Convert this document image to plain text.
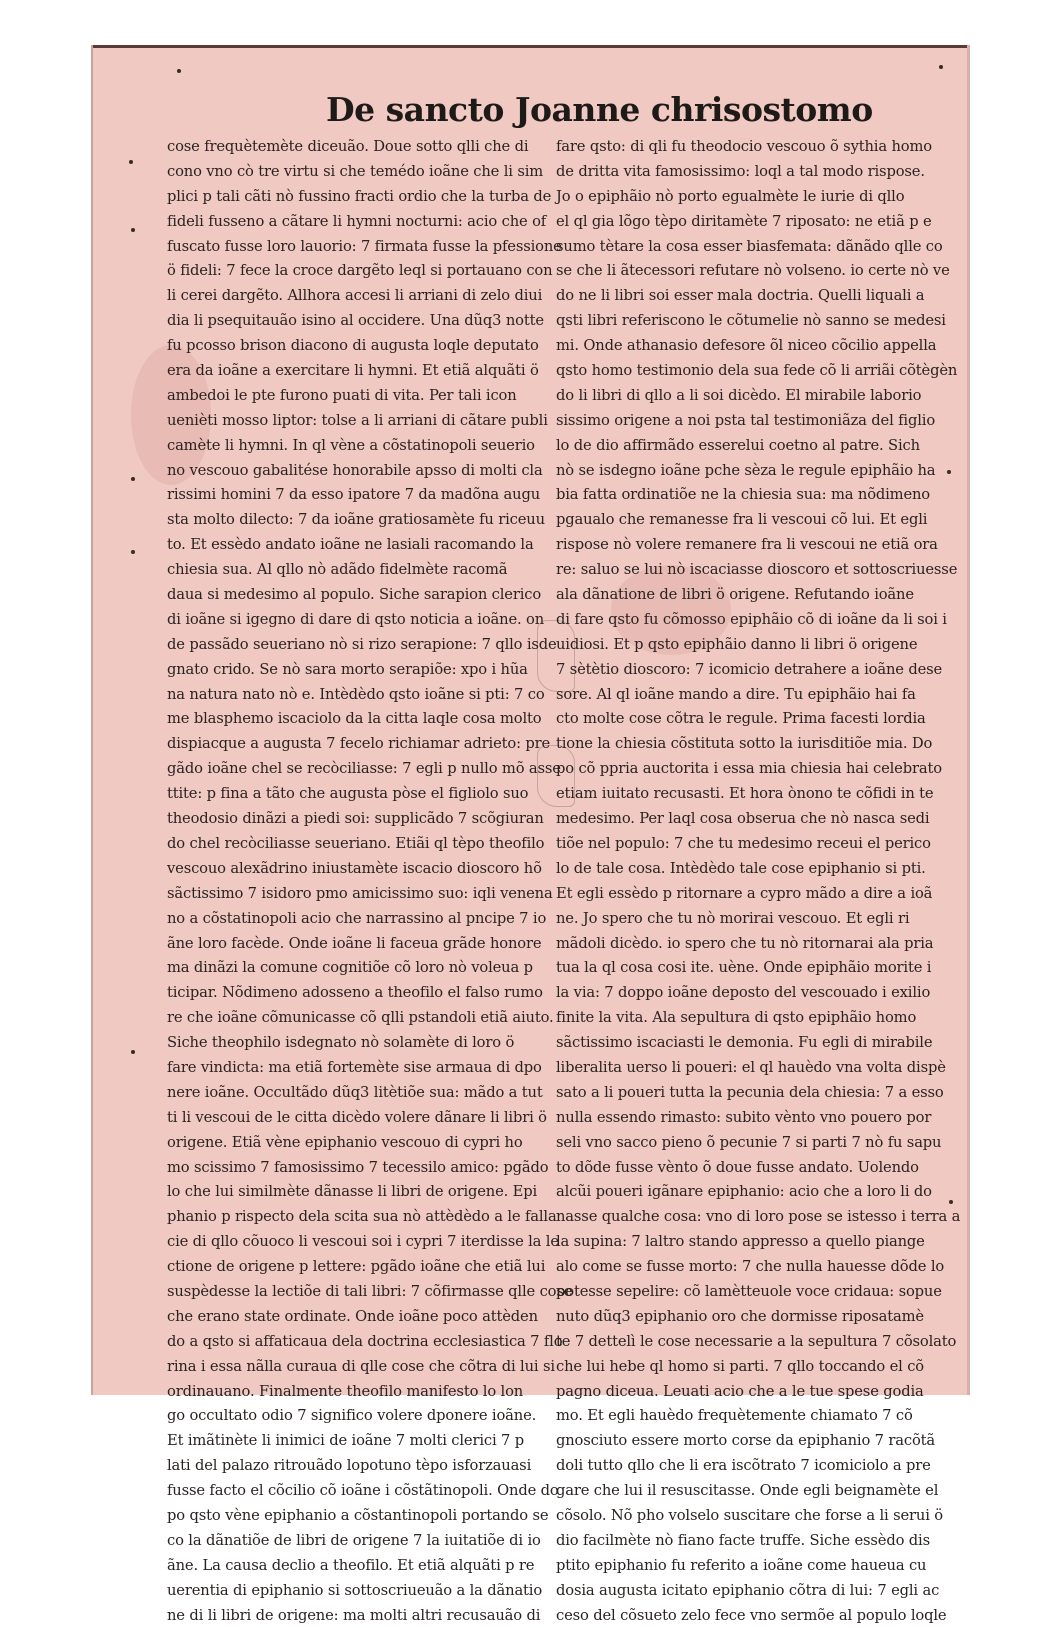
De sancto Joanne chrisostomo
cose frequètemète diceuão. Doue sotto qlli che di
cono vno cò tre virtu si che temédo ioãne che li sim
plici p tali cãti nò fussino fracti ordio che la turba de
fideli fusseno a cãtare li hymni nocturni: acio che of
fuscato fusse loro lauorio: 7 firmata fusse la pfessione
ö fideli: 7 fece la croce dargẽto leql si portauano con
li cerei dargẽto. Allhora accesi li arriani di zelo diui
dia li psequitauão isino al occidere. Una dũq3 notte
fu pcosso brison diacono di augusta loqle deputato
era da ioãne a exercitare li hymni. Et etiã alquãti ö
ambedoi le pte furono puati di vita. Per tali icon
uenièti mosso liptor: tolse a li arriani di cãtare publi
camète li hymni. In ql vène a cõstatinopoli seuerio
no vescouo gabalitése honorabile apsso di molti cla
rissimi homini 7 da esso ipatore 7 da madõna augu
sta molto dilecto: 7 da ioãne gratiosamète fu riceuu
to. Et essèdo andato ioãne ne lasiali racomando la
chiesia sua. Al qllo nò adãdo fidelmète racomã
daua si medesimo al populo. Siche sarapion clerico
di ioãne si igegno di dare di qsto noticia a ioãne. on
de passãdo seueriano nò si rizo serapione: 7 qllo isde
gnato crido. Se nò sara morto serapiõe: xpo i hũa
na natura nato nò e. Intèdèdo qsto ioãne si pti: 7 co
me blasphemo iscaciolo da la citta laqle cosa molto
dispiacque a augusta 7 fecelo richiamar adrieto: pre
gãdo ioãne chel se recòciliasse: 7 egli p nullo mõ asse
ttite: p fina a tãto che augusta pòse el figliolo suo
theodosio dinãzi a piedi soi: supplicãdo 7 scõgiuran
do chel recòciliasse seueriano. Etiãi ql tèpo theofilo
vescouo alexãdrino iniustamète iscacio dioscoro hõ
sãctissimo 7 isidoro pmo amicissimo suo: iqli venena
no a cõstatinopoli acio che narrassino al pncipe 7 io
ãne loro facède. Onde ioãne li faceua grãde honore
ma dinãzi la comune cognitiõe cõ loro nò voleua p
ticipar. Nõdimeno adosseno a theofilo el falso rumo
re che ioãne cõmunicasse cõ qlli pstandoli etiã aiuto.
Siche theophilo isdegnato nò solamète di loro ö
fare vindicta: ma etiã fortemète sise armaua di dpo
nere ioãne. Occultãdo dũq3 litètiõe sua: mãdo a tut
ti li vescoui de le citta dicèdo volere dãnare li libri ö
origene. Etiã vène epiphanio vescouo di cypri ho
mo scissimo 7 famosissimo 7 tecessilo amico: pgãdo
lo che lui similmète dãnasse li libri de origene. Epi
phanio p rispecto dela scita sua nò attèdèdo a le falla
cie di qllo cõuoco li vescoui soi i cypri 7 iterdisse la le
ctione de origene p lettere: pgãdo ioãne che etiã lui
suspèdesse la lectiõe di tali libri: 7 cõfirmasse qlle cose
che erano state ordinate. Onde ioãne poco attèden
do a qsto si affaticaua dela doctrina ecclesiastica 7 flo
rina i essa nãlla curaua di qlle cose che cõtra di lui si
ordinauano. Finalmente theofilo manifesto lo lon
go occultato odio 7 significo volere dponere ioãne.
Et imãtinète li inimici de ioãne 7 molti clerici 7 p
lati del palazo ritrouãdo lopotuno tèpo isforzauasi
fusse facto el cõcilio cõ ioãne i cõstãtinopoli. Onde do
po qsto vène epiphanio a cõstantinopoli portando se
co la dãnatiõe de libri de origene 7 la iuitatiõe di io
ãne. La causa declio a theofilo. Et etiã alquãti p re
uerentia di epiphanio si sottoscriueuão a la dãnatio
ne di li libri de origene: ma molti altri recusauão di
fare qsto: di qli fu theodocio vescouo õ sythia homo
de dritta vita famosissimo: loql a tal modo rispose.
Jo o epiphãio nò porto egualmète le iurie di qllo
el ql gia lõgo tèpo diritamète 7 riposato: ne etiã p e
sumo tètare la cosa esser biasfemata: dãnãdo qlle co
se che li ãtecessori refutare nò volseno. io certe nò ve
do ne li libri soi esser mala doctria. Quelli liquali a
qsti libri referiscono le cõtumelie nò sanno se medesi
mi. Onde athanasio defesore õl niceo cõcilio appella
qsto homo testimonio dela sua fede cõ li arriãi cõtègèn
do li libri di qllo a li soi dicèdo. El mirabile laborio
sissimo origene a noi psta tal testimoniãza del figlio
lo de dio affirmãdo esserelui coetno al patre. Sich
nò se isdegno ioãne pche sèza le regule epiphãio ha
bia fatta ordinatiõe ne la chiesia sua: ma nõdimeno
pgaualo che remanesse fra li vescoui cõ lui. Et egli
rispose nò volere remanere fra li vescoui ne etiã ora
re: saluo se lui nò iscaciasse dioscoro et sottoscriuesse
ala dãnatione de libri ö origene. Refutando ioãne
di fare qsto fu cõmosso epiphãio cõ di ioãne da li soi i
uidiosi. Et p qsto epiphãio danno li libri ö origene
7 sètètio dioscoro: 7 icomicio detrahere a ioãne dese
sore. Al ql ioãne mando a dire. Tu epiphãio hai fa
cto molte cose cõtra le regule. Prima facesti lordia
tione la chiesia cõstituta sotto la iurisditiõe mia. Do
po cõ ppria auctorita i essa mia chiesia hai celebrato
etiam iuitato recusasti. Et hora ònono te cõfidi in te
medesimo. Per laql cosa obserua che nò nasca sedi
tiõe nel populo: 7 che tu medesimo receui el perico
lo de tale cosa. Intèdèdo tale cose epiphanio si pti.
Et egli essèdo p ritornare a cypro mãdo a dire a ioã
ne. Jo spero che tu nò morirai vescouo. Et egli ri
mãdoli dicèdo. io spero che tu nò ritornarai ala pria
tua la ql cosa cosi ite. uène. Onde epiphãio morite i
la via: 7 doppo ioãne deposto del vescouado i exilio
finite la vita. Ala sepultura di qsto epiphãio homo
sãctissimo iscaciasti le demonia. Fu egli di mirabile
liberalita uerso li poueri: el ql hauèdo vna volta dispè
sato a li poueri tutta la pecunia dela chiesia: 7 a esso
nulla essendo rimasto: subito vènto vno pouero por
seli vno sacco pieno õ pecunie 7 si parti 7 nò fu sapu
to dõde fusse vènto õ doue fusse andato. Uolendo
alcũi poueri igãnare epiphanio: acio che a loro li do
nasse qualche cosa: vno di loro pose se istesso i terra a
la supina: 7 laltro stando appresso a quello piange
alo come se fusse morto: 7 che nulla hauesse dõde lo
potesse sepelire: cõ lamètteuole voce cridaua: sopue
nuto dũq3 epiphanio oro che dormisse riposatamè
te 7 dettelì le cose necessarie a la sepultura 7 cõsolato
che lui hebe ql homo si parti. 7 qllo toccando el cõ
pagno diceua. Leuati acio che a le tue spese godia
mo. Et egli hauèdo frequètemente chiamato 7 cõ
gnosciuto essere morto corse da epiphanio 7 racõtã
doli tutto qllo che li era iscõtrato 7 icomiciolo a pre
gare che lui il resuscitasse. Onde egli beignamète el
cõsolo. Nõ pho volselo suscitare che forse a li serui ö
dio facilmète nò fiano facte truffe. Siche essèdo dis
ptito epiphanio fu referito a ioãne come haueua cu
dosia augusta icitato epiphanio cõtra di lui: 7 egli ac
ceso del cõsueto zelo fece vno sermõe al populo loqle
